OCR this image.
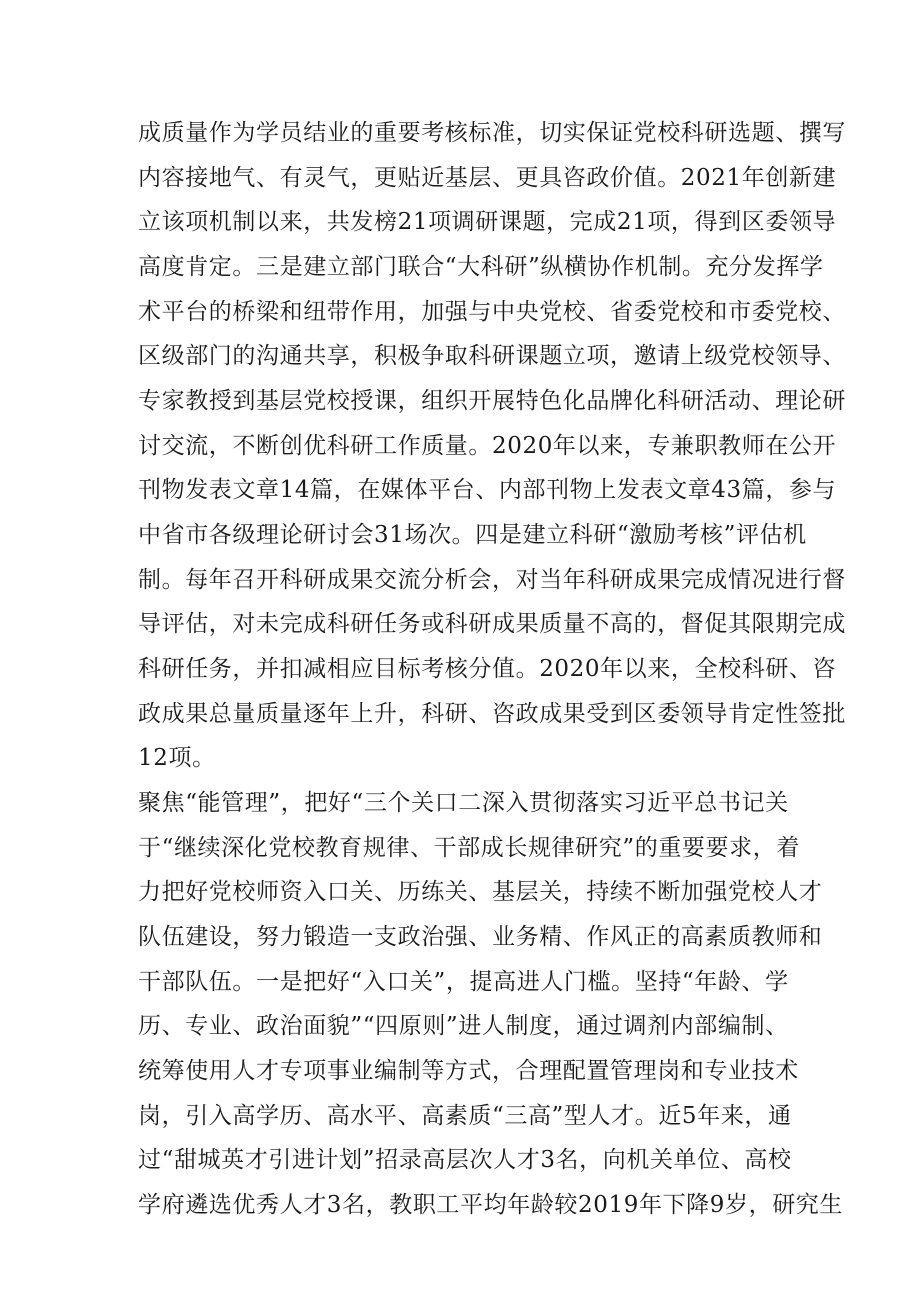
成质量作为学员结业的重要考核标准，切实保证党校科研选题、撰写
内容接地气、有灵气，更贴近基层、更具咨政价值。2021年创新建
立该项机制以来，共发榜21项调研课题，完成21项，得到区委领导
高度肯定。三是建立部门联合“大科研”纵横协作机制。充分发挥学
术平台的桥梁和纽带作用，加强与中央党校、省委党校和市委党校、
区级部门的沟通共享，积极争取科研课题立项，邀请上级党校领导、
专家教授到基层党校授课，组织开展特色化品牌化科研活动、理论研
讨交流，不断创优科研工作质量。2020年以来，专兼职教师在公开
刊物发表文章14篇，在媒体平台、内部刊物上发表文章43篇，参与
中省市各级理论研讨会31场次。四是建立科研“激励考核”评估机
制。每年召开科研成果交流分析会，对当年科研成果完成情况进行督
导评估，对未完成科研任务或科研成果质量不高的，督促其限期完成
科研任务，并扣减相应目标考核分值。2020年以来，全校科研、咨
政成果总量质量逐年上升，科研、咨政成果受到区委领导肯定性签批
12项。
聚焦“能管理”，把好“三个关口二深入贯彻落实习近平总书记关
于“继续深化党校教育规律、干部成长规律研究”的重要要求，着
力把好党校师资入口关、历练关、基层关，持续不断加强党校人才
队伍建设，努力锻造一支政治强、业务精、作风正的高素质教师和
干部队伍。一是把好“入口关”，提高进人门槛。坚持“年龄、学
历、专业、政治面貌”“四原则”进人制度，通过调剂内部编制、
统筹使用人才专项事业编制等方式，合理配置管理岗和专业技术
岗，引入高学历、高水平、高素质“三高”型人才。近5年来，通
过“甜城英才引进计划”招录高层次人才3名，向机关单位、高校
学府遴选优秀人才3名，教职工平均年龄较2019年下降9岁，研究生
